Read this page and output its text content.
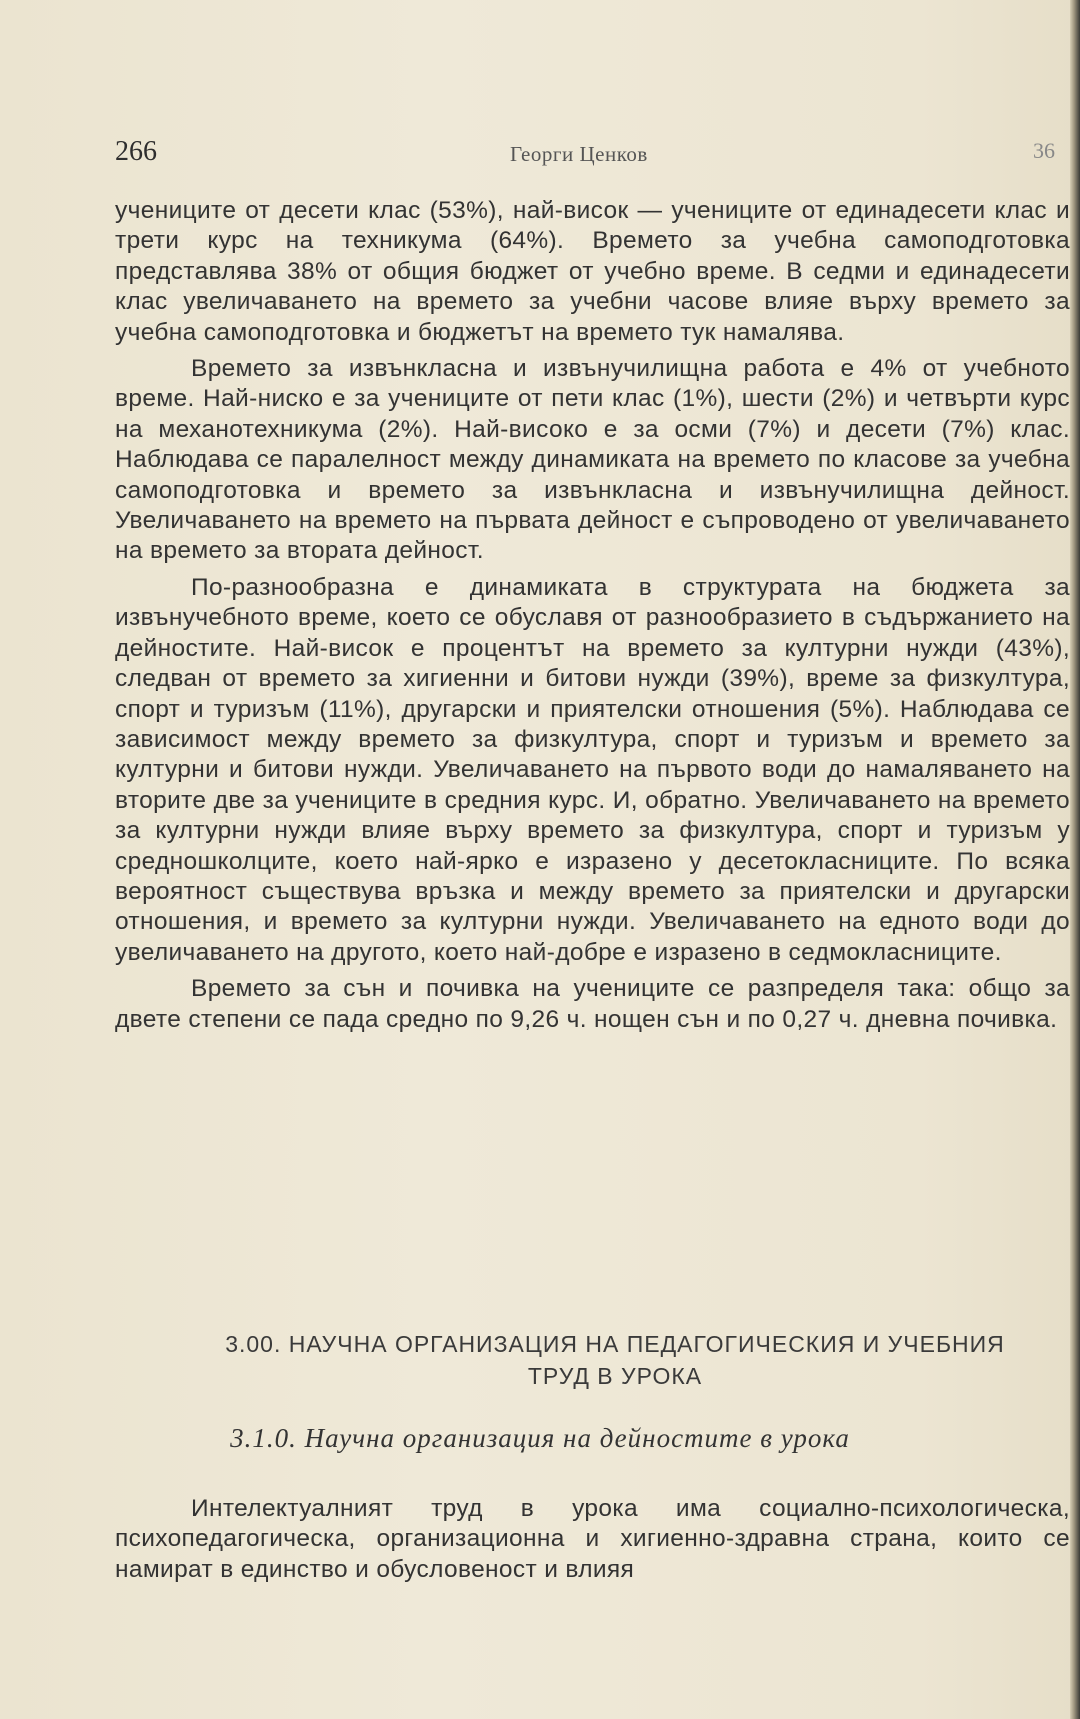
266	Георги Ценков	36

учениците от десети клас (53%), най-висок — учениците от единадесети клас и трети курс на техникума (64%). Времето за учебна самоподготовка представлява 38% от общия бюджет от учебно време. В седми и единадесети клас увеличаването на времето за учебни часове влияе върху времето за учебна самоподготовка и бюджетът на времето тук намалява.

Времето за извънкласна и извънучилищна работа е 4% от учебното време. Най-ниско е за учениците от пети клас (1%), шести (2%) и четвърти курс на механотехникума (2%). Най-високо е за осми (7%) и десети (7%) клас. Наблюдава се паралелност между динамиката на времето по класове за учебна самоподготовка и времето за извънкласна и извънучилищна дейност. Увеличаването на времето на първата дейност е съпроводено от увеличаването на времето за втората дейност.

По-разнообразна е динамиката в структурата на бюджета за извънучебното време, което се обуславя от разнообразието в съдържанието на дейностите. Най-висок е процентът на времето за културни нужди (43%), следван от времето за хигиенни и битови нужди (39%), време за физкултура, спорт и туризъм (11%), другарски и приятелски отношения (5%). Наблюдава се зависимост между времето за физкултура, спорт и туризъм и времето за културни и битови нужди. Увеличаването на първото води до намаляването на вторите две за учениците в средния курс. И, обратно. Увеличаването на времето за културни нужди влияе върху времето за физкултура, спорт и туризъм у средношколците, което най-ярко е изразено у десетокласниците. По всяка вероятност съществува връзка и между времето за приятелски и другарски отношения, и времето за културни нужди. Увеличаването на едното води до увеличаването на другото, което най-добре е изразено в седмокласниците.

Времето за сън и почивка на учениците се разпределя така: общо за двете степени се пада средно по 9,26 ч. нощен сън и по 0,27 ч. дневна почивка.

3.00. НАУЧНА ОРГАНИЗАЦИЯ НА ПЕДАГОГИЧЕСКИЯ И УЧЕБНИЯ
ТРУД В УРОКА
3.1.0. Научна организация на дейностите в урока

Интелектуалният труд в урока има социално-психологическа, психопедагогическа, организационна и хигиенно-здравна страна, които се намират в единство и обусловеност и влияя
